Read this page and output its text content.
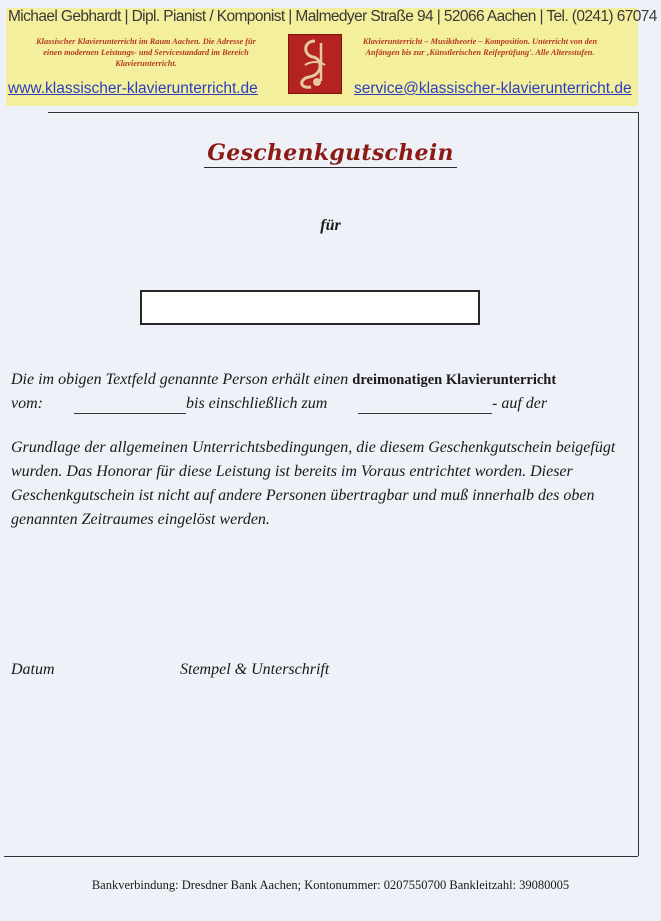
Michael Gebhardt | Dipl. Pianist / Komponist | Malmedyer Straße 94 | 52066 Aachen | Tel. (0241) 67074
Klassischer Klavierunterricht im Raum Aachen. Die Adresse für einen modernen Leistungs- und Servicestandard im Bereich Klavierunterricht.
Klavierunterricht – Musiktheorie – Komposition. Unterricht von den Anfängen bis zur ‚Künstlerischen Reifeprüfung'. Alle Altersstufen.
www.klassischer-klavierunterricht.de	service@klassischer-klavierunterricht.de
Geschenkgutschein
für
Die im obigen Textfeld genannte Person erhält einen dreimonatigen Klavierunterricht
vom:	bis einschließlich zum	- auf der
Grundlage der allgemeinen Unterrichtsbedingungen, die diesem Geschenkgutschein beigefügt wurden. Das Honorar für diese Leistung ist bereits im Voraus entrichtet worden. Dieser Geschenkgutschein ist nicht auf andere Personen übertragbar und muß innerhalb des oben genannten Zeitraumes eingelöst werden.
Datum	Stempel & Unterschrift
Bankverbindung: Dresdner Bank Aachen; Kontonummer: 0207550700 Bankleitzahl: 39080005
